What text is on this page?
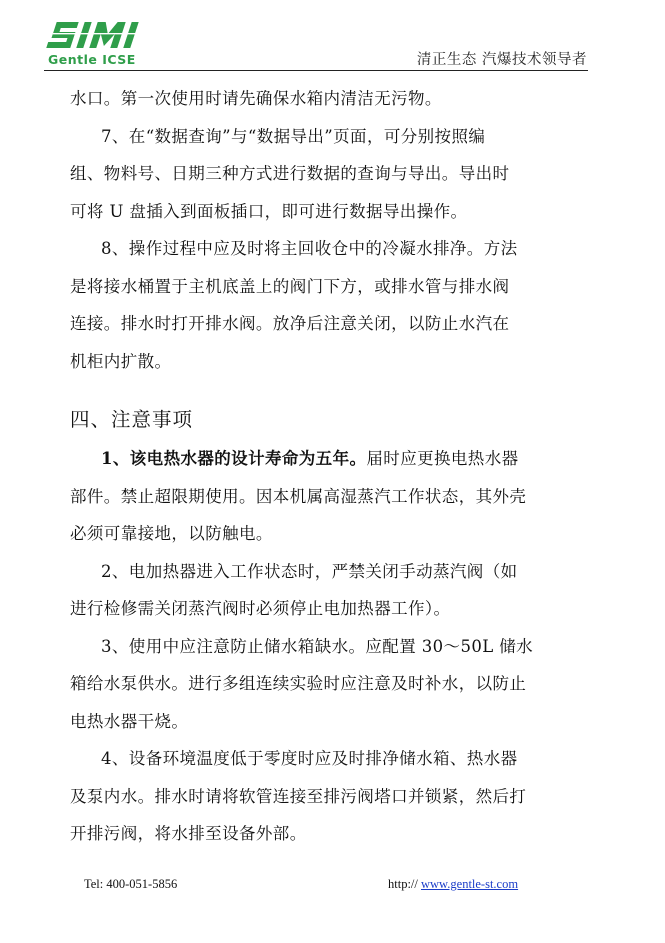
Gentle ICSE	清正生态 汽爆技术领导者

水口。第一次使用时请先确保水箱内清洁无污物。

7、在“数据查询”与“数据导出”页面，可分别按照编
组、物料号、日期三种方式进行数据的查询与导出。导出时
可将 U 盘插入到面板插口，即可进行数据导出操作。

8、操作过程中应及时将主回收仓中的冷凝水排净。方法
是将接水桶置于主机底盖上的阀门下方，或排水管与排水阀
连接。排水时打开排水阀。放净后注意关闭，以防止水汽在
机柜内扩散。

四、注意事项

1、该电热水器的设计寿命为五年。届时应更换电热水器
部件。禁止超限期使用。因本机属高湿蒸汽工作状态，其外壳
必须可靠接地，以防触电。

2、电加热器进入工作状态时，严禁关闭手动蒸汽阀（如
进行检修需关闭蒸汽阀时必须停止电加热器工作）。

3、使用中应注意防止储水箱缺水。应配置 30～50L 储水
箱给水泵供水。进行多组连续实验时应注意及时补水，以防止
电热水器干烧。

4、设备环境温度低于零度时应及时排净储水箱、热水器
及泵内水。排水时请将软管连接至排污阀塔口并锁紧，然后打
开排污阀，将水排至设备外部。

Tel: 400-051-5856	http:// www.gentle-st.com
